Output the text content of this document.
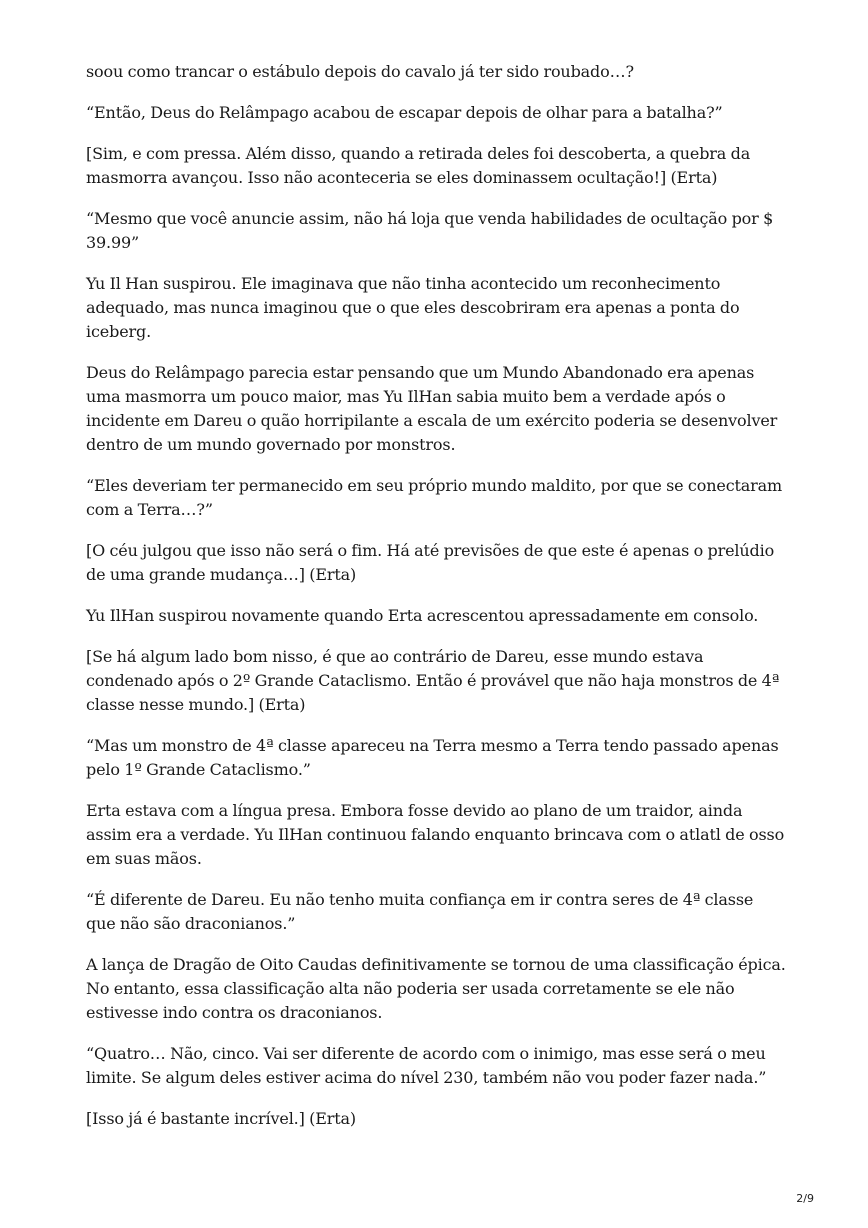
soou como trancar o estábulo depois do cavalo já ter sido roubado…?

“Então, Deus do Relâmpago acabou de escapar depois de olhar para a batalha?”

[Sim, e com pressa. Além disso, quando a retirada deles foi descoberta, a quebra da masmorra avançou. Isso não aconteceria se eles dominassem ocultação!] (Erta)

“Mesmo que você anuncie assim, não há loja que venda habilidades de ocultação por $ 39.99”

Yu Il Han suspirou. Ele imaginava que não tinha acontecido um reconhecimento adequado, mas nunca imaginou que o que eles descobriram era apenas a ponta do iceberg.

Deus do Relâmpago parecia estar pensando que um Mundo Abandonado era apenas uma masmorra um pouco maior, mas Yu IlHan sabia muito bem a verdade após o incidente em Dareu o quão horripilante a escala de um exército poderia se desenvolver dentro de um mundo governado por monstros.

“Eles deveriam ter permanecido em seu próprio mundo maldito, por que se conectaram com a Terra…?”

[O céu julgou que isso não será o fim. Há até previsões de que este é apenas o prelúdio de uma grande mudança…] (Erta)

Yu IlHan suspirou novamente quando Erta acrescentou apressadamente em consolo.

[Se há algum lado bom nisso, é que ao contrário de Dareu, esse mundo estava condenado após o 2º Grande Cataclismo. Então é provável que não haja monstros de 4ª classe nesse mundo.] (Erta)

“Mas um monstro de 4ª classe apareceu na Terra mesmo a Terra tendo passado apenas pelo 1º Grande Cataclismo.”

Erta estava com a língua presa. Embora fosse devido ao plano de um traidor, ainda assim era a verdade. Yu IlHan continuou falando enquanto brincava com o atlatl de osso em suas mãos.

“É diferente de Dareu. Eu não tenho muita confiança em ir contra seres de 4ª classe que não são draconianos.”

A lança de Dragão de Oito Caudas definitivamente se tornou de uma classificação épica. No entanto, essa classificação alta não poderia ser usada corretamente se ele não estivesse indo contra os draconianos.

“Quatro… Não, cinco. Vai ser diferente de acordo com o inimigo, mas esse será o meu limite. Se algum deles estiver acima do nível 230, também não vou poder fazer nada.”

[Isso já é bastante incrível.] (Erta)

2/9
